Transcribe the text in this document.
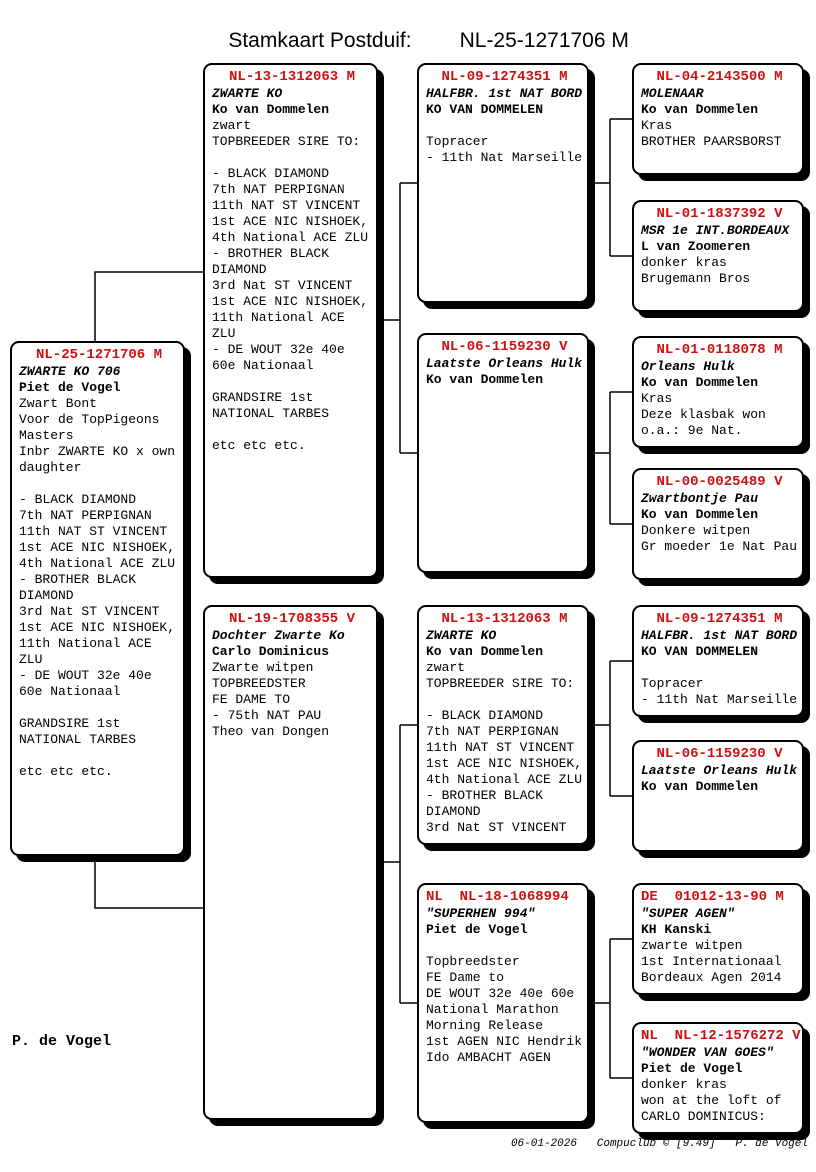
Stamkaart Postduif: NL-25-1271706 M

NL-25-1271706 M
ZWARTE KO 706
Piet de Vogel
Zwart Bont
Voor de TopPigeons
Masters
Inbr ZWARTE KO x own
daughter

- BLACK DIAMOND
7th NAT PERPIGNAN
11th NAT ST VINCENT
1st ACE NIC NISHOEK,
4th National ACE ZLU
- BROTHER BLACK
DIAMOND
3rd Nat ST VINCENT
1st ACE NIC NISHOEK,
11th National ACE
ZLU
- DE WOUT 32e 40e
60e Nationaal

GRANDSIRE 1st
NATIONAL TARBES

etc etc etc.
NL-13-1312063 M
ZWARTE KO
Ko van Dommelen
zwart
TOPBREEDER SIRE TO:

- BLACK DIAMOND
7th NAT PERPIGNAN
11th NAT ST VINCENT
1st ACE NIC NISHOEK,
4th National ACE ZLU
- BROTHER BLACK
DIAMOND
3rd Nat ST VINCENT
1st ACE NIC NISHOEK,
11th National ACE
ZLU
- DE WOUT 32e 40e
60e Nationaal

GRANDSIRE 1st
NATIONAL TARBES

etc etc etc.
NL-19-1708355 V
Dochter Zwarte Ko
Carlo Dominicus
Zwarte witpen
TOPBREEDSTER
FE DAME TO
- 75th NAT PAU
Theo van Dongen
NL-09-1274351 M
HALFBR. 1st NAT BORD
KO VAN DOMMELEN

Topracer
- 11th Nat Marseille
NL-06-1159230 V
Laatste Orleans Hulk
Ko van Dommelen
NL-13-1312063 M
ZWARTE KO
Ko van Dommelen
zwart
TOPBREEDER SIRE TO:

- BLACK DIAMOND
7th NAT PERPIGNAN
11th NAT ST VINCENT
1st ACE NIC NISHOEK,
4th National ACE ZLU
- BROTHER BLACK
DIAMOND
3rd Nat ST VINCENT
NL  NL-18-1068994
"SUPERHEN 994"
Piet de Vogel

Topbreedster
FE Dame to
DE WOUT 32e 40e 60e
National Marathon
Morning Release
1st AGEN NIC Hendrik
Ido AMBACHT AGEN
NL-04-2143500 M
MOLENAAR
Ko van Dommelen
Kras
BROTHER PAARSBORST
NL-01-1837392 V
MSR 1e INT.BORDEAUX
L van Zoomeren
donker kras
Brugemann Bros
NL-01-0118078 M
Orleans Hulk
Ko van Dommelen
Kras
Deze klasbak won
o.a.: 9e Nat.
NL-00-0025489 V
Zwartbontje Pau
Ko van Dommelen
Donkere witpen
Gr moeder 1e Nat Pau
NL-09-1274351 M
HALFBR. 1st NAT BORD
KO VAN DOMMELEN

Topracer
- 11th Nat Marseille
NL-06-1159230 V
Laatste Orleans Hulk
Ko van Dommelen
DE  01012-13-90 M
"SUPER AGEN"
KH Kanski
zwarte witpen
1st Internationaal
Bordeaux Agen 2014
NL  NL-12-1576272 V
"WONDER VAN GOES"
Piet de Vogel
donker kras
won at the loft of
CARLO DOMINICUS:
P. de Vogel
06-01-2026   Compuclub © [9.49]   P. de Vogel
